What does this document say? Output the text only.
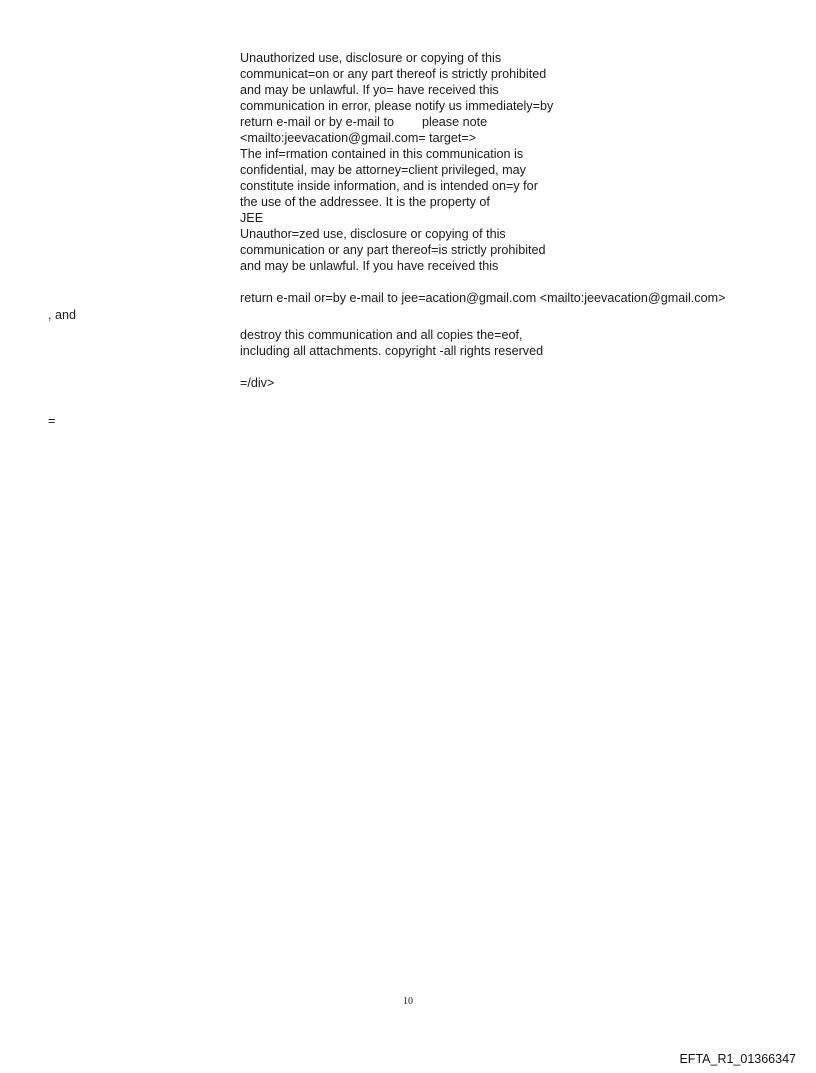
Unauthorized use, disclosure or copying of this
communicat=on or any part thereof is strictly prohibited
and may be unlawful. If yo= have received this
communication in error, please notify us immediately=by
return e-mail or by e-mail to        please note
<mailto:jeevacation@gmail.com= target=>
The inf=rmation contained in this communication is
confidential, may be attorney=client privileged, may
constitute inside information, and is intended on=y for
the use of the addressee. It is the property of
JEE
Unauthor=zed use, disclosure or copying of this
communication or any part thereof=is strictly prohibited
and may be unlawful. If you have received this
return e-mail or=by e-mail to jee=acation@gmail.com <mailto:jeevacation@gmail.com>
, and
destroy this communication and all copies the=eof,
including all attachments. copyright -all rights reserved
=/div>
=
10
EFTA_R1_01366347
